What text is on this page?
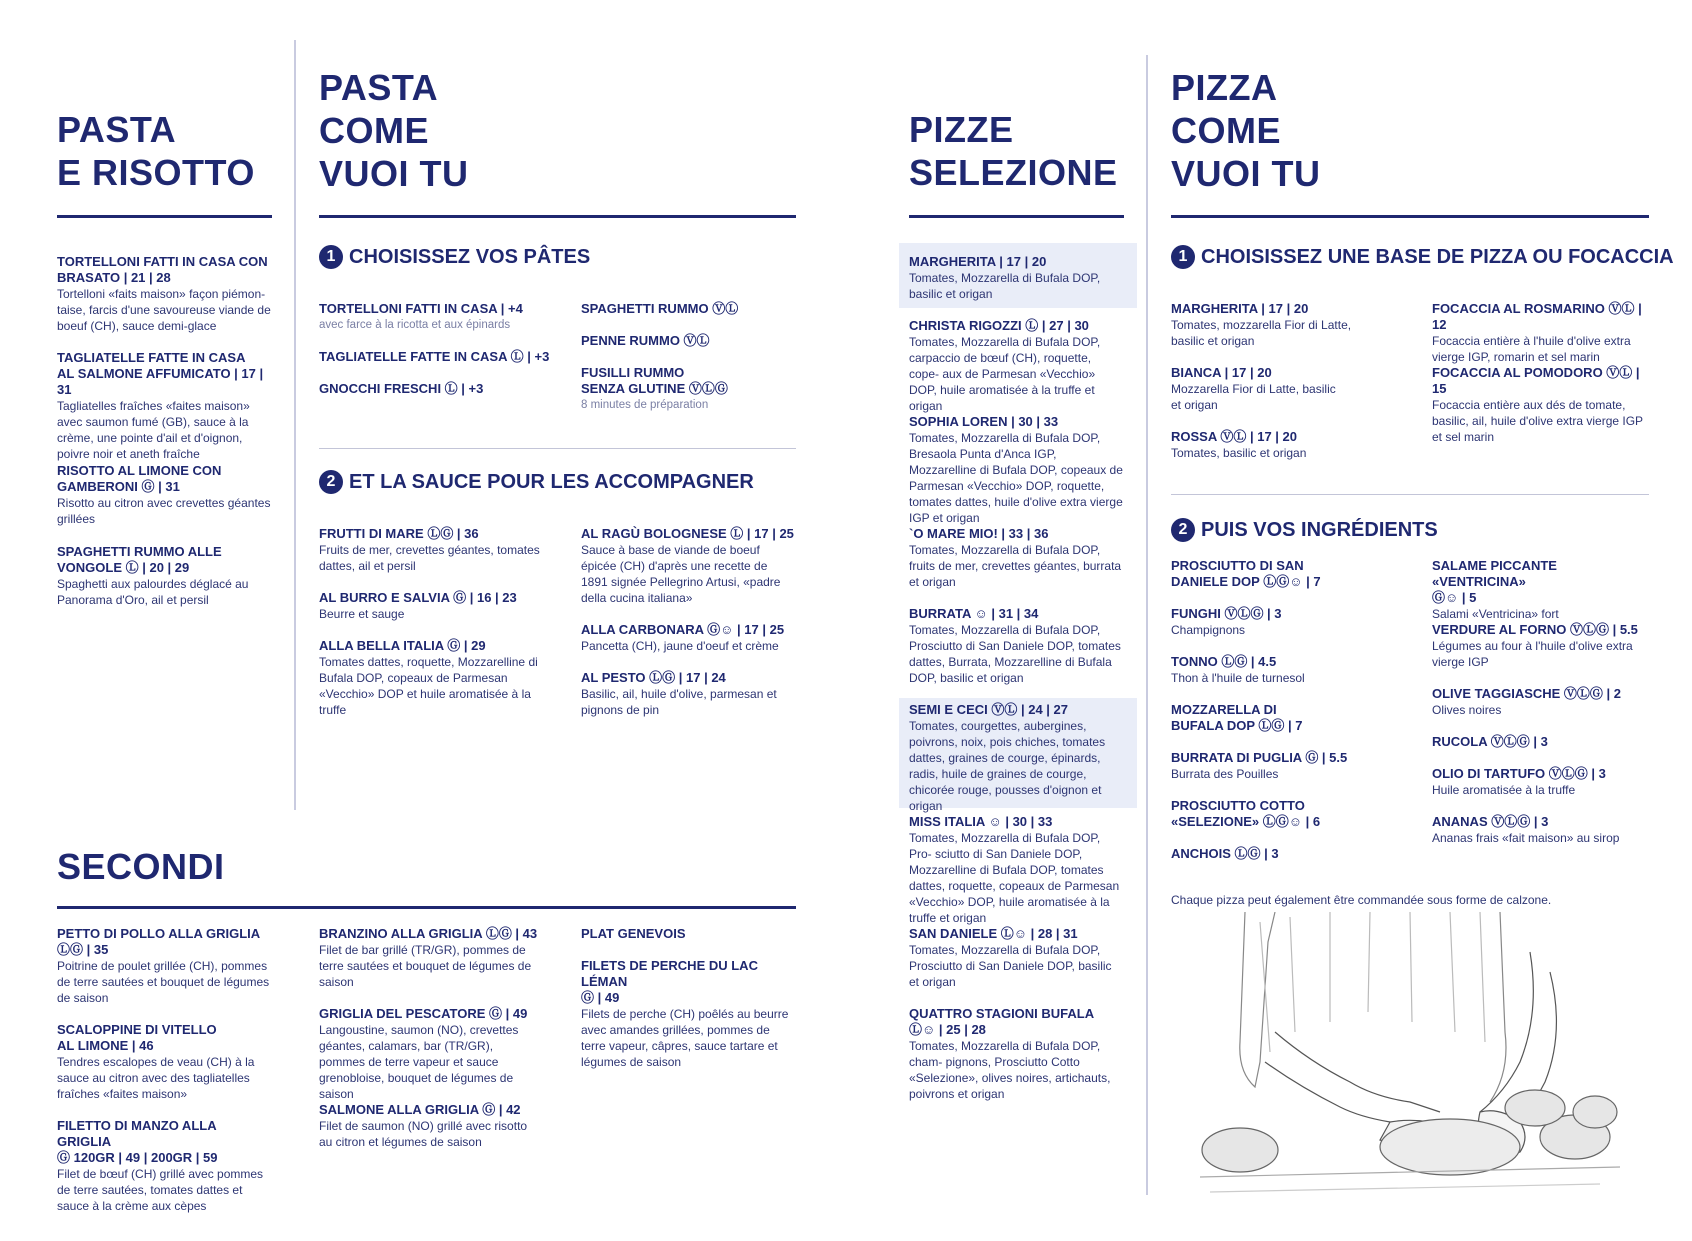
PASTA
E RISOTTO
TORTELLONI FATTI IN CASA CON
BRASATO | 21 | 28
Tortelloni «faits maison» façon piémon- taise, farcis d'une savoureuse viande de boeuf (CH), sauce demi-glace
TAGLIATELLE FATTE IN CASA
AL SALMONE AFFUMICATO | 17 | 31
Tagliatelles fraîches «faites maison» avec saumon fumé (GB), sauce à la crème, une pointe d'ail et d'oignon, poivre noir et aneth fraîche
RISOTTO AL LIMONE CON
GAMBERONI Ⓖ | 31
Risotto au citron avec crevettes géantes grillées
SPAGHETTI RUMMO ALLE
VONGOLE Ⓛ | 20 | 29
Spaghetti aux palourdes déglacé au Panorama d'Oro, ail et persil
PASTA
COME
VUOI TU
1 CHOISISSEZ VOS PÂTES
TORTELLONI FATTI IN CASA | +4
avec farce à la ricotta et aux épinards
TAGLIATELLE FATTE IN CASA Ⓛ | +3
GNOCCHI FRESCHI Ⓛ | +3
SPAGHETTI RUMMO ⓋⓁ
PENNE RUMMO ⓋⓁ
FUSILLI RUMMO
SENZA GLUTINE ⓋⓁⒼ
8 minutes de préparation
2 ET LA SAUCE POUR LES ACCOMPAGNER
FRUTTI DI MARE ⓁⒼ | 36
Fruits de mer, crevettes géantes, tomates dattes, ail et persil
AL BURRO E SALVIA Ⓖ | 16 | 23
Beurre et sauge
ALLA BELLA ITALIA Ⓖ | 29
Tomates dattes, roquette, Mozzarelline di Bufala DOP, copeaux de Parmesan «Vecchio» DOP et huile aromatisée à la truffe
AL RAGÙ BOLOGNESE Ⓛ | 17 | 25
Sauce à base de viande de boeuf épicée (CH) d'après une recette de 1891 signée Pellegrino Artusi, «padre della cucina italiana»
ALLA CARBONARA Ⓖ☺ | 17 | 25
Pancetta (CH), jaune d'oeuf et crème
AL PESTO ⓁⒼ | 17 | 24
Basilic, ail, huile d'olive, parmesan et pignons de pin
SECONDI
PETTO DI POLLO ALLA GRIGLIA
ⓁⒼ | 35
Poitrine de poulet grillée (CH), pommes de terre sautées et bouquet de légumes de saison
SCALOPPINE DI VITELLO
AL LIMONE | 46
Tendres escalopes de veau (CH) à la sauce au citron avec des tagliatelles fraîches «faites maison»
FILETTO DI MANZO ALLA GRIGLIA
Ⓖ 120GR | 49 | 200GR | 59
Filet de bœuf (CH) grillé avec pommes de terre sautées, tomates dattes et sauce à la crème aux cèpes
BRANZINO ALLA GRIGLIA ⓁⒼ | 43
Filet de bar grillé (TR/GR), pommes de terre sautées et bouquet de légumes de saison
GRIGLIA DEL PESCATORE Ⓖ | 49
Langoustine, saumon (NO), crevettes géantes, calamars, bar (TR/GR), pommes de terre vapeur et sauce grenobloise, bouquet de légumes de saison
SALMONE ALLA GRIGLIA Ⓖ | 42
Filet de saumon (NO) grillé avec risotto au citron et légumes de saison
PLAT GENEVOIS
FILETS DE PERCHE DU LAC LÉMAN
Ⓖ | 49
Filets de perche (CH) poêlés au beurre avec amandes grillées, pommes de terre vapeur, câpres, sauce tartare et légumes de saison
PIZZE
SELEZIONE
MARGHERITA | 17 | 20
Tomates, Mozzarella di Bufala DOP, basilic et origan
CHRISTA RIGOZZI Ⓛ | 27 | 30
Tomates, Mozzarella di Bufala DOP, carpaccio de bœuf (CH), roquette, cope- aux de Parmesan «Vecchio» DOP, huile aromatisée à la truffe et origan
SOPHIA LOREN | 30 | 33
Tomates, Mozzarella di Bufala DOP, Bresaola Punta d'Anca IGP, Mozzarelline di Bufala DOP, copeaux de Parmesan «Vecchio» DOP, roquette, tomates dattes, huile d'olive extra vierge IGP et origan
`O MARE MIO! | 33 | 36
Tomates, Mozzarella di Bufala DOP, fruits de mer, crevettes géantes, burrata et origan
BURRATA ☺ | 31 | 34
Tomates, Mozzarella di Bufala DOP, Prosciutto di San Daniele DOP, tomates dattes, Burrata, Mozzarelline di Bufala DOP, basilic et origan
SEMI E CECI ⓋⓁ | 24 | 27
Tomates, courgettes, aubergines, poivrons, noix, pois chiches, tomates dattes, graines de courge, épinards, radis, huile de graines de courge, chicorée rouge, pousses d'oignon et origan
MISS ITALIA ☺ | 30 | 33
Tomates, Mozzarella di Bufala DOP, Pro- sciutto di San Daniele DOP, Mozzarelline di Bufala DOP, tomates dattes, roquette, copeaux de Parmesan «Vecchio» DOP, huile aromatisée à la truffe et origan
SAN DANIELE Ⓛ☺ | 28 | 31
Tomates, Mozzarella di Bufala DOP, Prosciutto di San Daniele DOP, basilic et origan
QUATTRO STAGIONI BUFALA
Ⓛ☺ | 25 | 28
Tomates, Mozzarella di Bufala DOP, cham- pignons, Prosciutto Cotto «Selezione», olives noires, artichauts, poivrons et origan
PIZZA
COME
VUOI TU
1 CHOISISSEZ UNE BASE DE PIZZA OU FOCACCIA
MARGHERITA | 17 | 20
Tomates, mozzarella Fior di Latte, basilic et origan
BIANCA | 17 | 20
Mozzarella Fior di Latte, basilic et origan
ROSSA ⓋⓁ | 17 | 20
Tomates, basilic et origan
FOCACCIA AL ROSMARINO ⓋⓁ | 12
Focaccia entière à l'huile d'olive extra vierge IGP, romarin et sel marin
FOCACCIA AL POMODORO ⓋⓁ | 15
Focaccia entière aux dés de tomate, basilic, ail, huile d'olive extra vierge IGP et sel marin
2 PUIS VOS INGRÉDIENTS
PROSCIUTTO DI SAN
DANIELE DOP ⓁⒼ☺ | 7
FUNGHI ⓋⓁⒼ | 3
Champignons
TONNO ⓁⒼ | 4.5
Thon à l'huile de turnesol
MOZZARELLA DI
BUFALA DOP ⓁⒼ | 7
BURRATA DI PUGLIA Ⓖ | 5.5
Burrata des Pouilles
PROSCIUTTO COTTO
«SELEZIONE» ⓁⒼ☺ | 6
ANCHOIS ⓁⒼ | 3
SALAME PICCANTE «VENTRICINA»
Ⓖ☺ | 5
Salami «Ventricina» fort
VERDURE AL FORNO ⓋⓁⒼ | 5.5
Légumes au four à l'huile d'olive extra vierge IGP
OLIVE TAGGIASCHE ⓋⓁⒼ | 2
Olives noires
RUCOLA ⓋⓁⒼ | 3
OLIO DI TARTUFO ⓋⓁⒼ | 3
Huile aromatisée à la truffe
ANANAS ⓋⓁⒼ | 3
Ananas frais «fait maison» au sirop
Chaque pizza peut également être commandée sous forme de calzone.
